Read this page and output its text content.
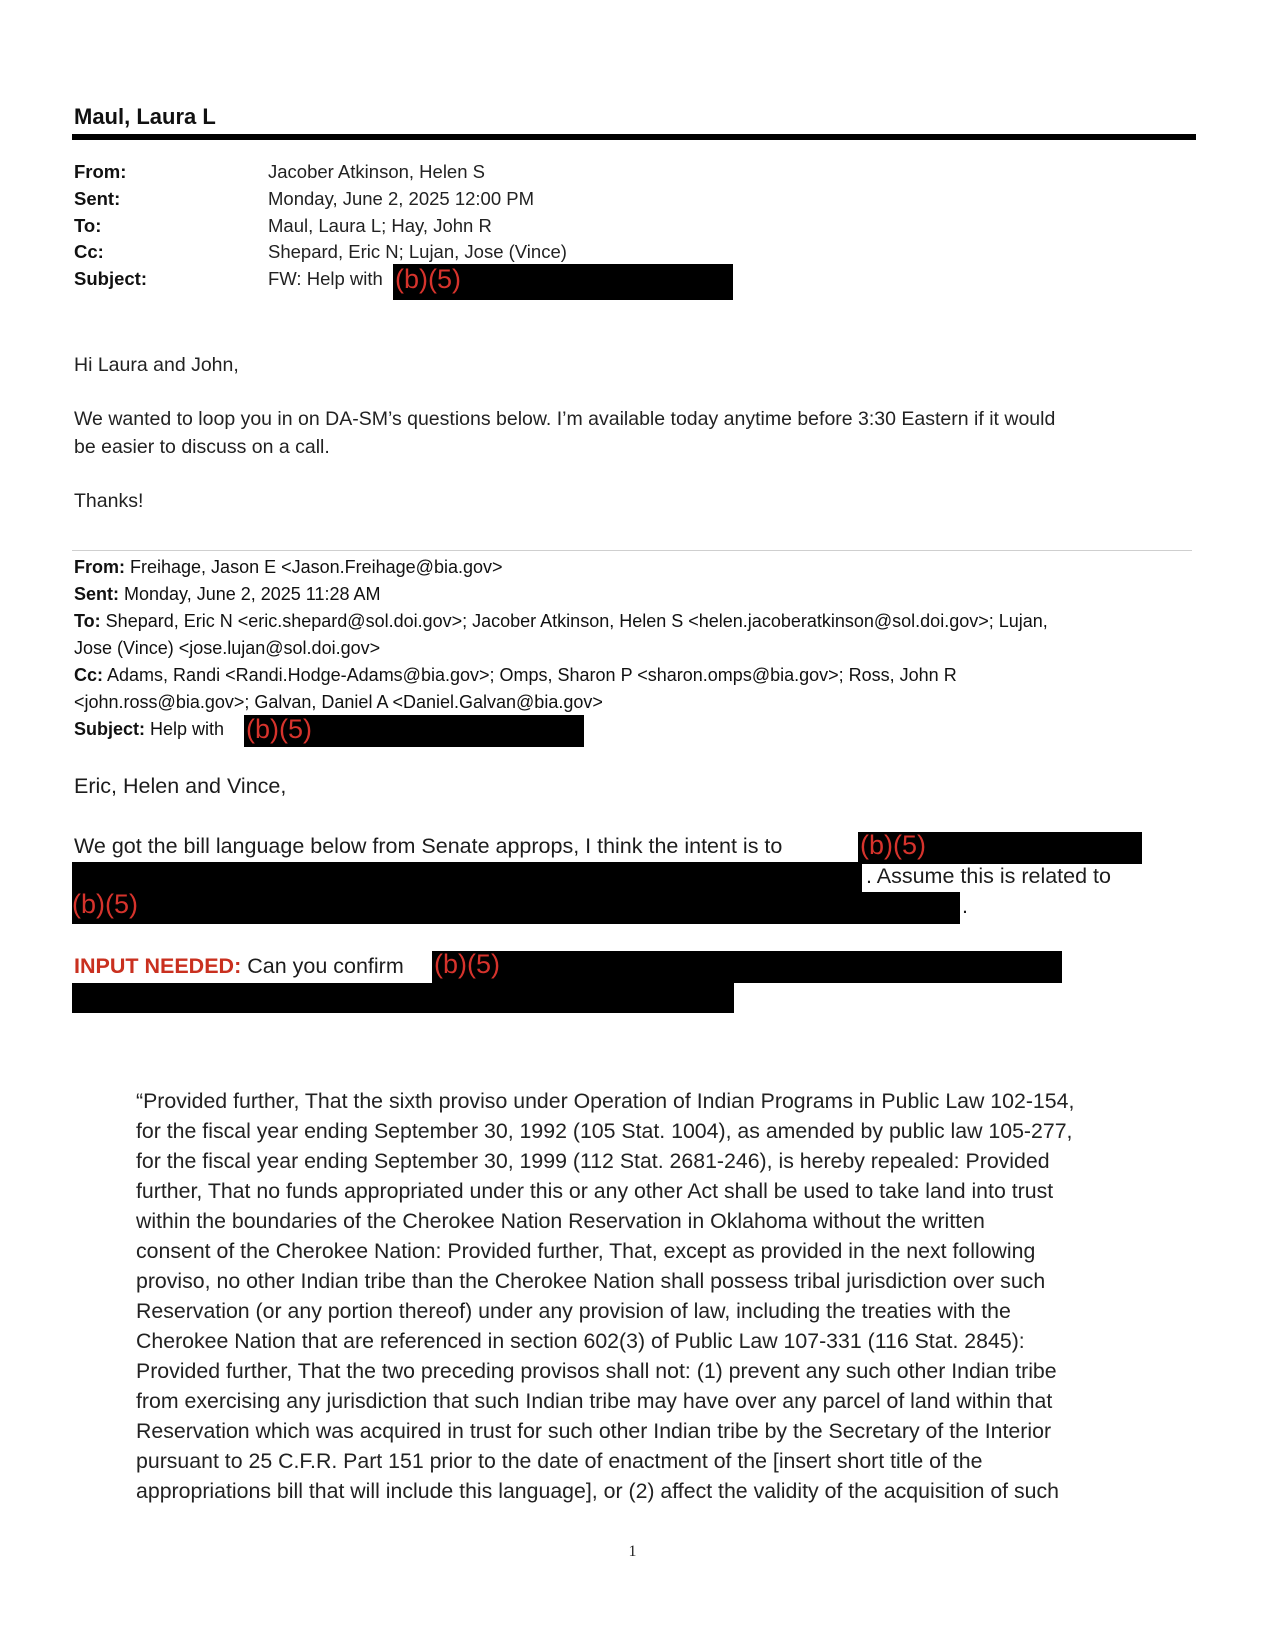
Maul, Laura L
From:	Jacober Atkinson, Helen S
Sent:	Monday, June 2, 2025 12:00 PM
To:	Maul, Laura L; Hay, John R
Cc:	Shepard, Eric N; Lujan, Jose (Vince)
Subject:	FW: Help with (b)(5)
Hi Laura and John,
We wanted to loop you in on DA-SM’s questions below. I’m available today anytime before 3:30 Eastern if it would
be easier to discuss on a call.
Thanks!
From: Freihage, Jason E <Jason.Freihage@bia.gov>
Sent: Monday, June 2, 2025 11:28 AM
To: Shepard, Eric N <eric.shepard@sol.doi.gov>; Jacober Atkinson, Helen S <helen.jacoberatkinson@sol.doi.gov>; Lujan,
Jose (Vince) <jose.lujan@sol.doi.gov>
Cc: Adams, Randi <Randi.Hodge-Adams@bia.gov>; Omps, Sharon P <sharon.omps@bia.gov>; Ross, John R
<john.ross@bia.gov>; Galvan, Daniel A <Daniel.Galvan@bia.gov>
Subject: Help with (b)(5)
Eric, Helen and Vince,
We got the bill language below from Senate approps, I think the intent is to	(b)(5)
. Assume this is related to
(b)(5)	.
INPUT NEEDED: Can you confirm (b)(5)
“Provided further, That the sixth proviso under Operation of Indian Programs in Public Law 102-154,
for the fiscal year ending September 30, 1992 (105 Stat. 1004), as amended by public law 105-277,
for the fiscal year ending September 30, 1999 (112 Stat. 2681-246), is hereby repealed: Provided
further, That no funds appropriated under this or any other Act shall be used to take land into trust
within the boundaries of the Cherokee Nation Reservation in Oklahoma without the written
consent of the Cherokee Nation: Provided further, That, except as provided in the next following
proviso, no other Indian tribe than the Cherokee Nation shall possess tribal jurisdiction over such
Reservation (or any portion thereof) under any provision of law, including the treaties with the
Cherokee Nation that are referenced in section 602(3) of Public Law 107-331 (116 Stat. 2845):
Provided further, That the two preceding provisos shall not: (1) prevent any such other Indian tribe
from exercising any jurisdiction that such Indian tribe may have over any parcel of land within that
Reservation which was acquired in trust for such other Indian tribe by the Secretary of the Interior
pursuant to 25 C.F.R. Part 151 prior to the date of enactment of the [insert short title of the
appropriations bill that will include this language], or (2) affect the validity of the acquisition of such
1
